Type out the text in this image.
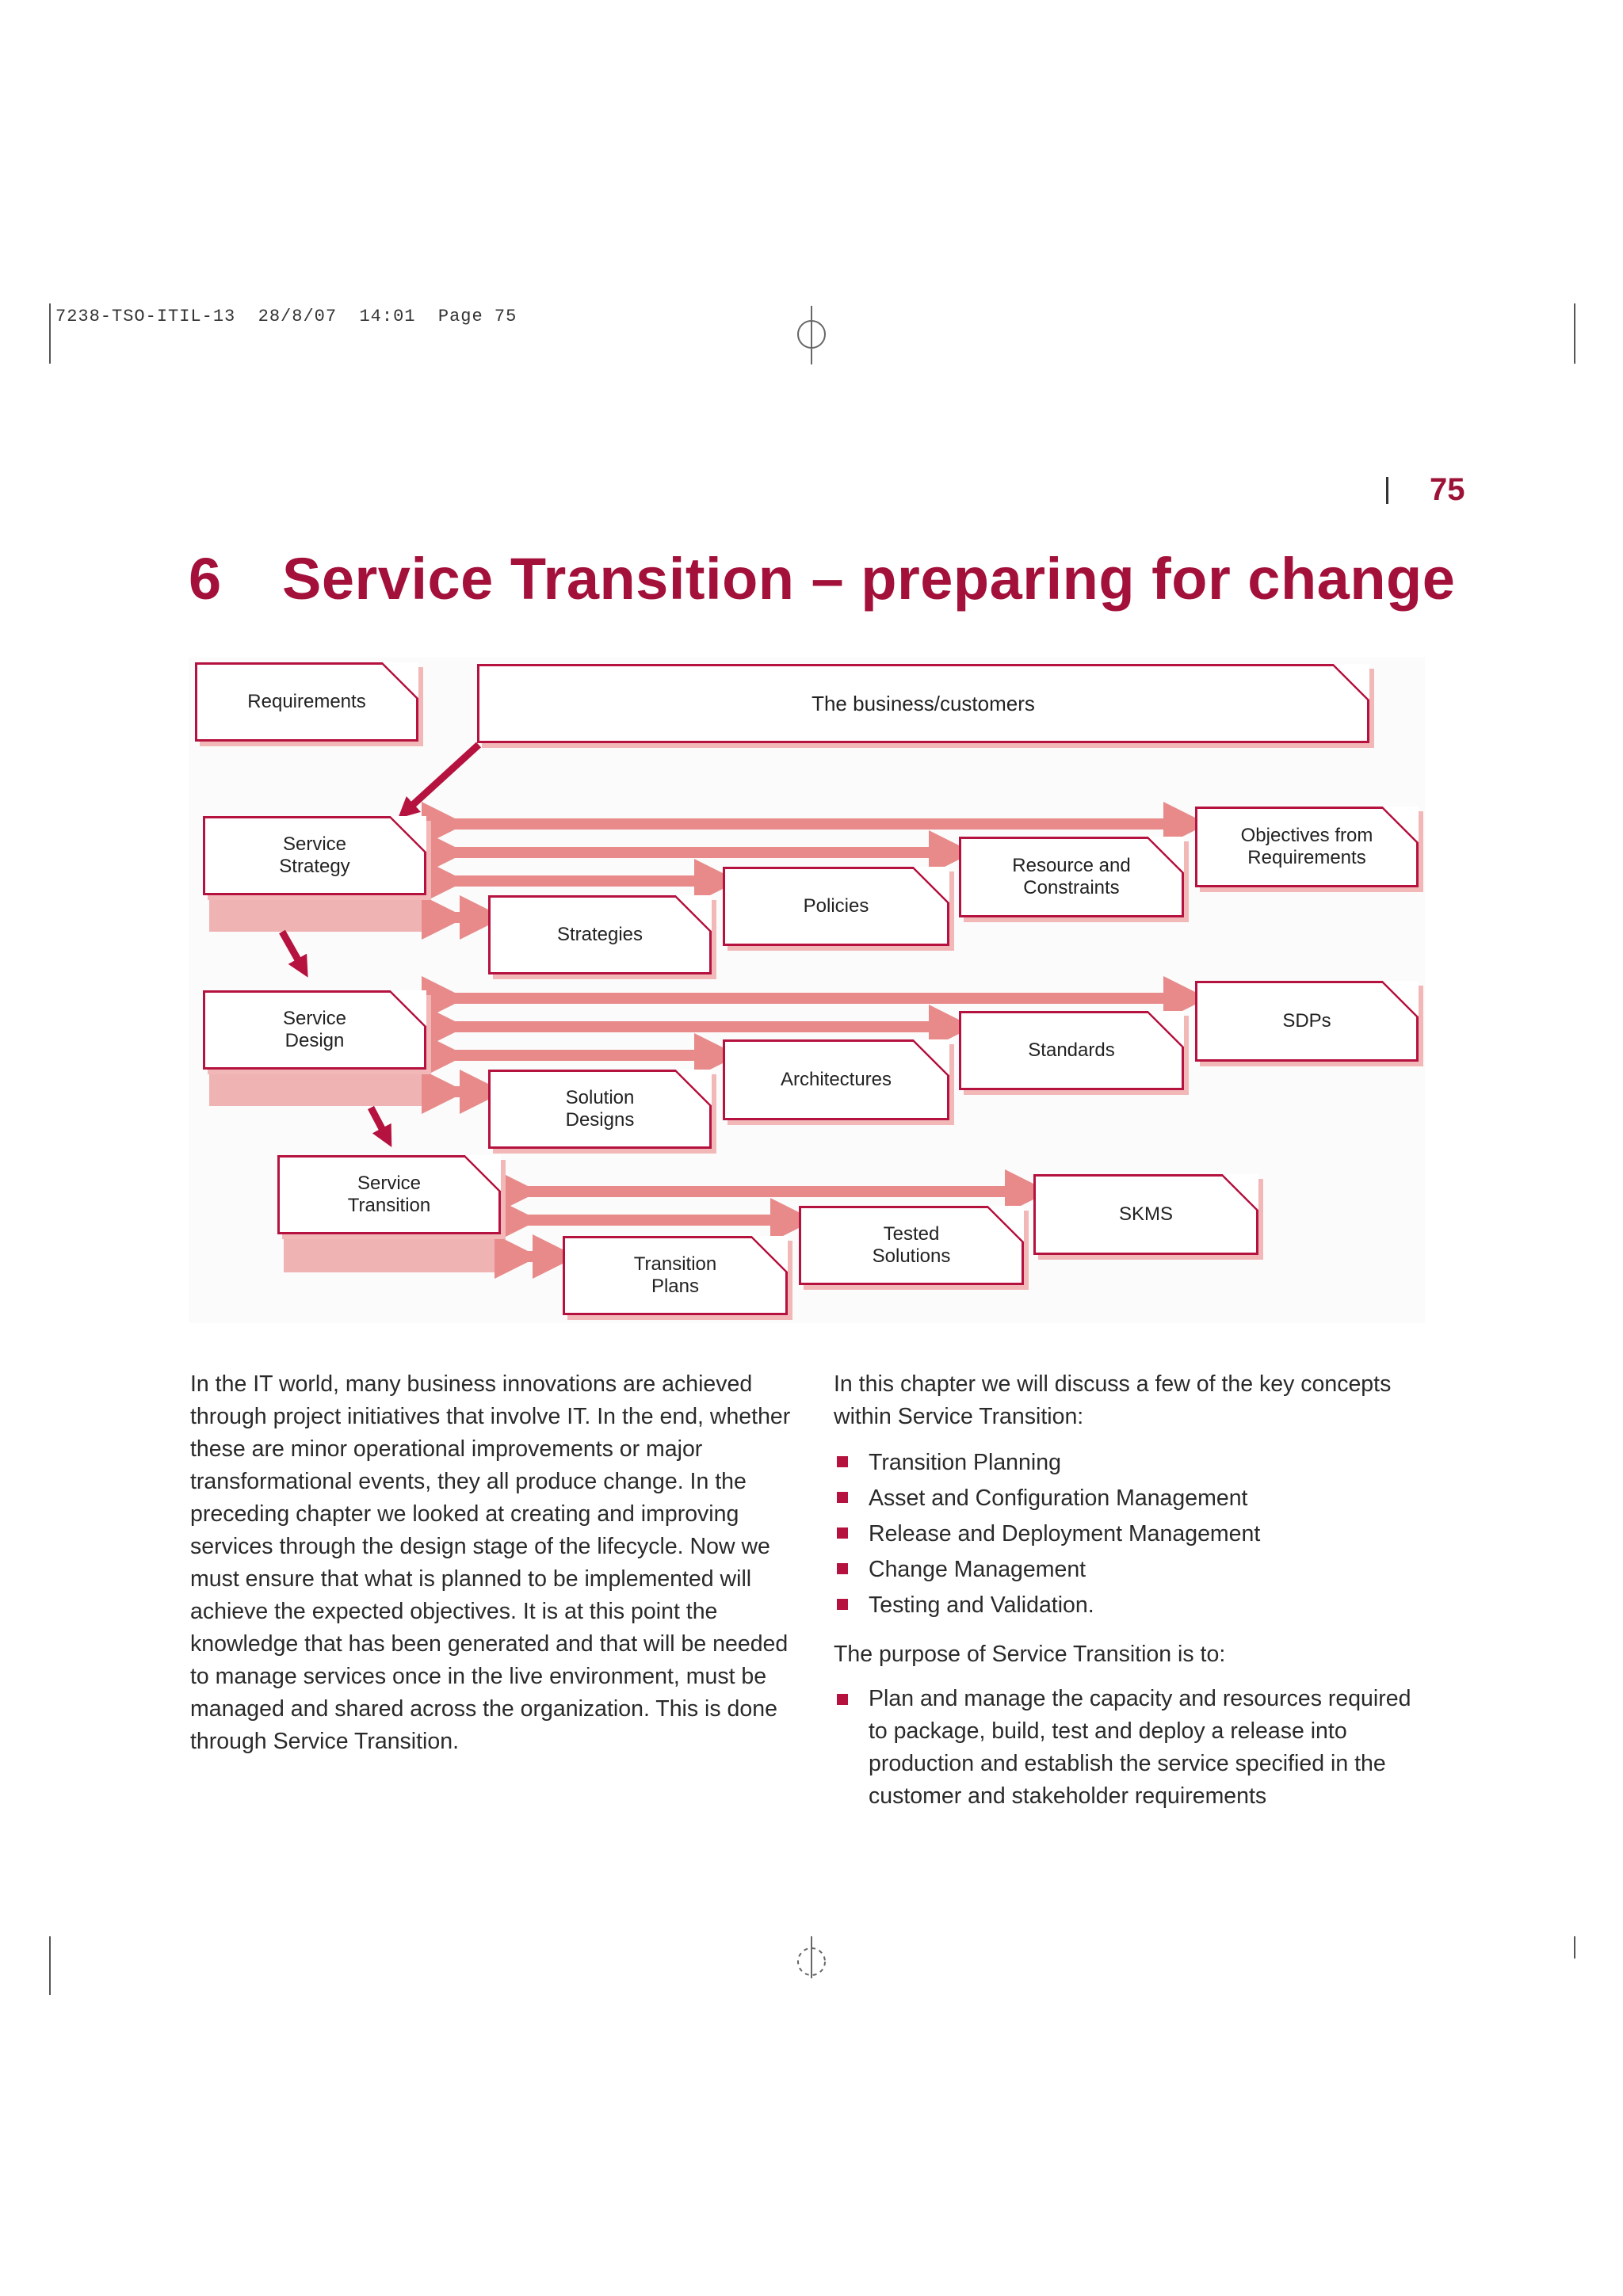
7238-TSO-ITIL-13  28/8/07  14:01  Page 75
75
6 Service Transition – preparing for change
Requirements	The business/customers
Service
Strategy
Strategies
Policies
Resource and
Constraints
Objectives from
Requirements
Service
Design
Solution
Designs
Architectures
Standards
SDPs
Service
Transition
Transition
Plans
Tested
Solutions
SKMS

In the IT world, many business innovations are achieved through project initiatives that involve IT. In the end, whether these are minor operational improvements or major transformational events, they all produce change. In the preceding chapter we looked at creating and improving services through the design stage of the lifecycle. Now we must ensure that what is planned to be implemented will achieve the expected objectives. It is at this point the knowledge that has been generated and that will be needed to manage services once in the live environment, must be managed and shared across the organization. This is done through Service Transition.

In this chapter we will discuss a few of the key concepts within Service Transition:

Transition Planning
Asset and Configuration Management
Release and Deployment Management
Change Management
Testing and Validation.

The purpose of Service Transition is to:

Plan and manage the capacity and resources required to package, build, test and deploy a release into production and establish the service specified in the customer and stakeholder requirements
